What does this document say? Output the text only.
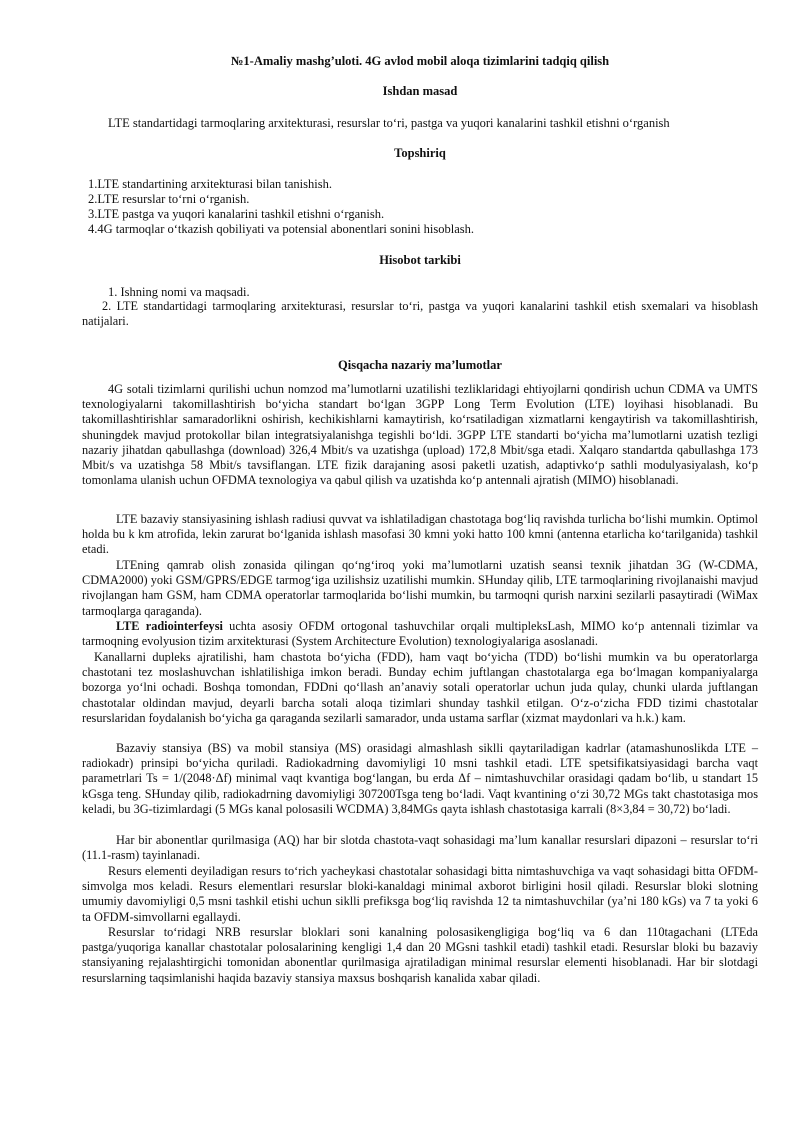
№1-Amaliy mashg’uloti. 4G avlod mobil aloqa tizimlarini tadqiq qilish
Ishdan masad
LTE standartidagi tarmoqlaring arxitekturasi, resurslar to‘ri, pastga va yuqori kanalarini tashkil etishni o‘rganish
Topshiriq
1.LTE standartining arxitekturasi bilan tanishish.
2.LTE resurslar to‘rni o‘rganish.
3.LTE pastga va yuqori kanalarini tashkil etishni o‘rganish.
4.4G tarmoqlar o‘tkazish qobiliyati va potensial abonentlari sonini hisoblash.
Hisobot tarkibi
1. Ishning nomi va maqsadi.
2. LTE standartidagi tarmoqlaring arxitekturasi, resurslar to‘ri, pastga va yuqori kanalarini tashkil etish sxemalari va hisoblash natijalari.
Qisqacha nazariy ma’lumotlar
4G sotali tizimlarni qurilishi uchun nomzod ma’lumotlarni uzatilishi tezliklaridagi ehtiyojlarni qondirish uchun CDMA va UMTS texnologiyalarni takomillashtirish bo‘yicha standart bo‘lgan 3GPP Long Term Evolution (LTE) loyihasi hisoblanadi. Bu takomillashtirishlar samaradorlikni oshirish, kechikishlarni kamaytirish, ko‘rsatiladigan xizmatlarni kengaytirish va takomillashtirish, shuningdek mavjud protokollar bilan integratsiyalanishga tegishli bo‘ldi. 3GPP LTE standarti bo‘yicha ma’lumotlarni uzatish tezligi nazariy jihatdan qabullashga (download) 326,4 Mbit/s va uzatishga (upload) 172,8 Mbit/sga etadi. Xalqaro standartda qabullashga 173 Mbit/s va uzatishga 58 Mbit/s tavsiflangan. LTE fizik darajaning asosi paketli uzatish, adaptivko‘p sathli modulyasiyalash, ko‘p tomonlama ulanish uchun OFDMA texnologiya va qabul qilish va uzatishda ko‘p antennali ajratish (MIMO) hisoblanadi.
LTE bazaviy stansiyasining ishlash radiusi quvvat va ishlatiladigan chastotaga bog‘liq ravishda turlicha bo‘lishi mumkin. Optimol holda bu k km atrofida, lekin zarurat bo‘lganida ishlash masofasi 30 kmni yoki hatto 100 kmni (antenna etarlicha ko‘tarilganida) tashkil etadi.
LTEning qamrab olish zonasida qilingan qo‘ng‘iroq yoki ma’lumotlarni uzatish seansi texnik jihatdan 3G (W-CDMA, CDMA2000) yoki GSM/GPRS/EDGE tarmog‘iga uzilishsiz uzatilishi mumkin. SHunday qilib, LTE tarmoqlarining rivojlanaishi mavjud rivojlangan ham GSM, ham CDMA operatorlar tarmoqlarida bo‘lishi mumkin, bu tarmoqni qurish narxini sezilarli pasaytiradi (WiMax tarmoqlarga qaraganda).
LTE radiointerfeysi uchta asosiy OFDM ortogonal tashuvchilar orqali multipleksLash, MIMO ko‘p antennali tizimlar va tarmoqning evolyusion tizim arxitekturasi (System Architecture Evolution) texnologiyalariga asoslanadi.
Kanallarni dupleks ajratilishi, ham chastota bo‘yicha (FDD), ham vaqt bo‘yicha (TDD) bo‘lishi mumkin va bu operatorlarga chastotani tez moslashuvchan ishlatilishiga imkon beradi. Bunday echim juftlangan chastotalarga ega bo‘lmagan kompaniyalarga bozorga yo‘lni ochadi. Boshqa tomondan, FDDni qo‘llash an’anaviy sotali operatorlar uchun juda qulay, chunki ularda juftlangan chastotalar oldindan mavjud, deyarli barcha sotali aloqa tizimlari shunday tashkil etilgan. O‘z-o‘zicha FDD tizimi chastotalar resurslaridan foydalanish bo‘yicha ga qaraganda sezilarli samarador, unda ustama sarflar (xizmat maydonlari va h.k.) kam.
Bazaviy stansiya (BS) va mobil stansiya (MS) orasidagi almashlash siklli qaytariladigan kadrlar (atamashunoslikda LTE – radiokadr) prinsipi bo‘yicha quriladi. Radiokadrning davomiyligi 10 msni tashkil etadi. LTE spetsifikatsiyasidagi barcha vaqt parametrlari Ts = 1/(2048·Δf) minimal vaqt kvantiga bog‘langan, bu erda Δf – nimtashuvchilar orasidagi qadam bo‘lib, u standart 15 kGsga teng. SHunday qilib, radiokadrning davomiyligi 307200Tsga teng bo‘ladi. Vaqt kvantining o‘zi 30,72 MGs takt chastotasiga mos keladi, bu 3G-tizimlardagi (5 MGs kanal polosasili WCDMA) 3,84MGs qayta ishlash chastotasiga karrali (8×3,84 = 30,72) bo‘ladi.
Har bir abonentlar qurilmasiga (AQ) har bir slotda chastota-vaqt sohasidagi ma’lum kanallar resurslari dipazoni – resurslar to‘ri (11.1-rasm) tayinlanadi.
Resurs elementi deyiladigan resurs to‘rich yacheykasi chastotalar sohasidagi bitta nimtashuvchiga va vaqt sohasidagi bitta OFDM-simvolga mos keladi. Resurs elementlari resurslar bloki-kanaldagi minimal axborot birligini hosil qiladi. Resurslar bloki slotning umumiy davomiyligi 0,5 msni tashkil etishi uchun siklli prefiksga bog‘liq ravishda 12 ta nimtashuvchilar (ya’ni 180 kGs) va 7 ta yoki 6 ta OFDM-simvollarni egallaydi.
Resurslar to‘ridagi NRB resurslar bloklari soni kanalning polosasikengligiga bog‘liq va 6 dan 110tagachani (LTEda pastga/yuqoriga kanallar chastotalar polosalarining kengligi 1,4 dan 20 MGsni tashkil etadi) tashkil etadi. Resurslar bloki bu bazaviy stansiyaning rejalashtirgichi tomonidan abonentlar qurilmasiga ajratiladigan minimal resurslar elementi hisoblanadi. Har bir slotdagi resurslarning taqsimlanishi haqida bazaviy stansiya maxsus boshqarish kanalida xabar qiladi.
